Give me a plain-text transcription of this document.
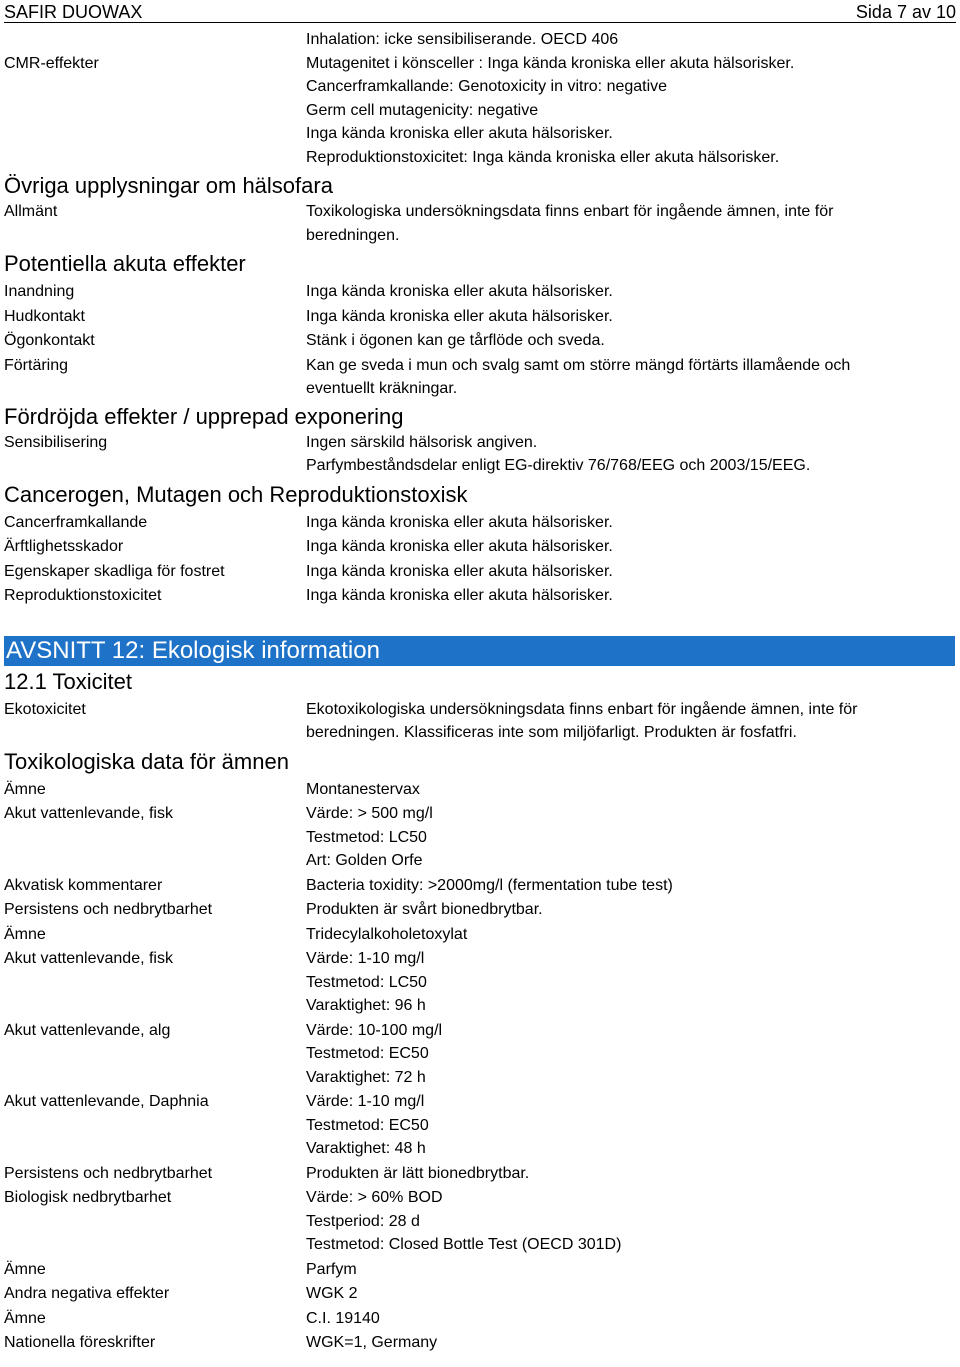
SAFIR DUOWAX	Sida 7 av 10
Inhalation: icke sensibiliserande. OECD 406
CMR-effekter	Mutagenitet i könsceller : Inga kända kroniska eller akuta hälsorisker.
Cancerframkallande: Genotoxicity in vitro: negative
Germ cell mutagenicity: negative
Inga kända kroniska eller akuta hälsorisker.
Reproduktionstoxicitet: Inga kända kroniska eller akuta hälsorisker.
Övriga upplysningar om hälsofara
Allmänt	Toxikologiska undersökningsdata finns enbart för ingående ämnen, inte för
beredningen.
Potentiella akuta effekter
Inandning	Inga kända kroniska eller akuta hälsorisker.
Hudkontakt	Inga kända kroniska eller akuta hälsorisker.
Ögonkontakt	Stänk i ögonen kan ge tårflöde och sveda.
Förtäring	Kan ge sveda i mun och svalg samt om större mängd förtärts illamående och
eventuellt kräkningar.
Fördröjda effekter / upprepad exponering
Sensibilisering	Ingen särskild hälsorisk angiven.
Parfymbeståndsdelar enligt EG-direktiv 76/768/EEG och 2003/15/EEG.
Cancerogen, Mutagen och Reproduktionstoxisk
Cancerframkallande	Inga kända kroniska eller akuta hälsorisker.
Ärftlighetsskador	Inga kända kroniska eller akuta hälsorisker.
Egenskaper skadliga för fostret	Inga kända kroniska eller akuta hälsorisker.
Reproduktionstoxicitet	Inga kända kroniska eller akuta hälsorisker.
AVSNITT 12: Ekologisk information
12.1 Toxicitet
Ekotoxicitet	Ekotoxikologiska undersökningsdata finns enbart för ingående ämnen, inte för
beredningen. Klassificeras inte som miljöfarligt. Produkten är fosfatfri.
Toxikologiska data för ämnen
Ämne	Montanestervax
Akut vattenlevande, fisk	Värde: > 500 mg/l
Testmetod: LC50
Art: Golden Orfe
Akvatisk kommentarer	Bacteria toxidity: >2000mg/l (fermentation tube test)
Persistens och nedbrytbarhet	Produkten är svårt bionedbrytbar.
Ämne	Tridecylalkoholetoxylat
Akut vattenlevande, fisk	Värde: 1-10 mg/l
Testmetod: LC50
Varaktighet: 96 h
Akut vattenlevande, alg	Värde: 10-100 mg/l
Testmetod: EC50
Varaktighet: 72 h
Akut vattenlevande, Daphnia	Värde: 1-10 mg/l
Testmetod: EC50
Varaktighet: 48 h
Persistens och nedbrytbarhet	Produkten är lätt bionedbrytbar.
Biologisk nedbrytbarhet	Värde: > 60% BOD
Testperiod: 28 d
Testmetod: Closed Bottle Test (OECD 301D)
Ämne	Parfym
Andra negativa effekter	WGK 2
Ämne	C.I. 19140
Nationella föreskrifter	WGK=1, Germany
